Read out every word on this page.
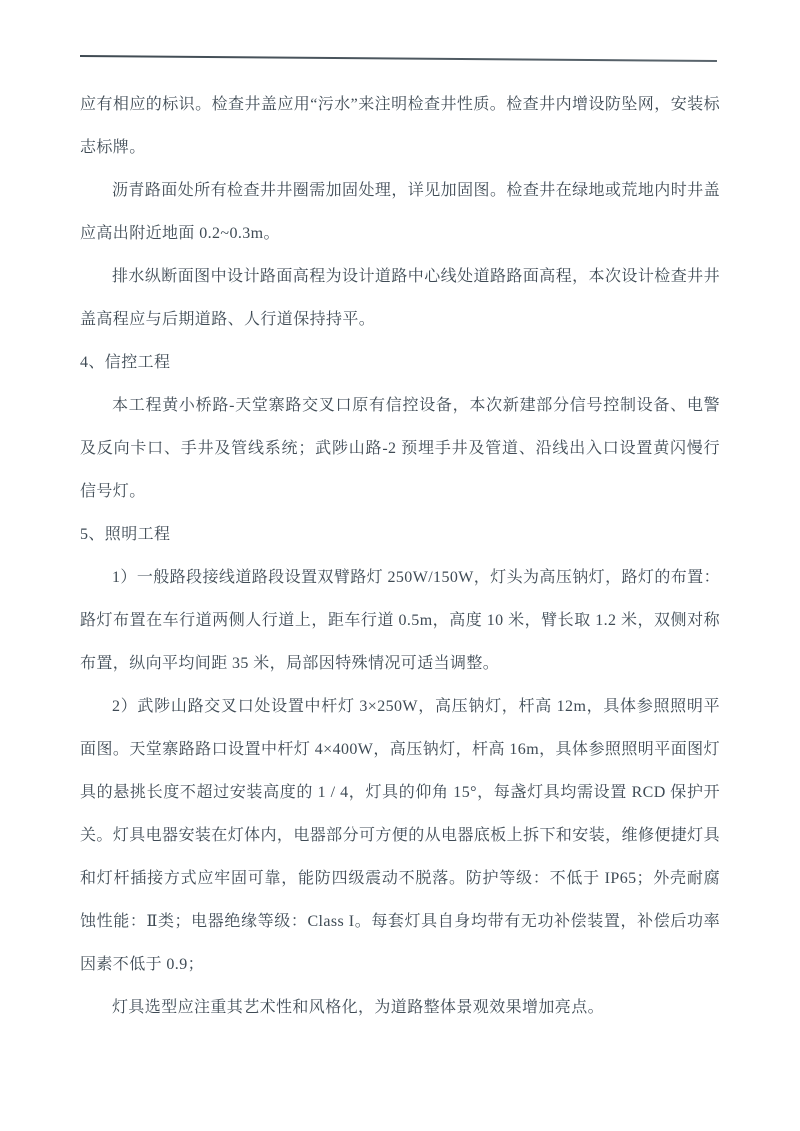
应有相应的标识。检查井盖应用“污水”来注明检查井性质。检查井内增设防坠网，安装标志标牌。

沥青路面处所有检查井井圈需加固处理，详见加固图。检查井在绿地或荒地内时井盖应高出附近地面 0.2~0.3m。

排水纵断面图中设计路面高程为设计道路中心线处道路路面高程，本次设计检查井井盖高程应与后期道路、人行道保持持平。

4、信控工程

本工程黄小桥路-天堂寨路交叉口原有信控设备，本次新建部分信号控制设备、电警及反向卡口、手井及管线系统；武陟山路-2 预埋手井及管道、沿线出入口设置黄闪慢行信号灯。

5、照明工程

1）一般路段接线道路段设置双臂路灯 250W/150W，灯头为高压钠灯，路灯的布置：路灯布置在车行道两侧人行道上，距车行道 0.5m，高度 10 米，臂长取 1.2 米，双侧对称布置，纵向平均间距 35 米，局部因特殊情况可适当调整。

2）武陟山路交叉口处设置中杆灯 3×250W，高压钠灯，杆高 12m，具体参照照明平面图。天堂寨路路口设置中杆灯 4×400W，高压钠灯，杆高 16m，具体参照照明平面图灯具的悬挑长度不超过安装高度的 1 / 4，灯具的仰角 15°，每盏灯具均需设置 RCD 保护开关。灯具电器安装在灯体内，电器部分可方便的从电器底板上拆下和安装，维修便捷灯具和灯杆插接方式应牢固可靠，能防四级震动不脱落。防护等级：不低于 IP65；外壳耐腐蚀性能：Ⅱ类；电器绝缘等级：Class I。每套灯具自身均带有无功补偿装置，补偿后功率因素不低于 0.9；

灯具选型应注重其艺术性和风格化，为道路整体景观效果增加亮点。
